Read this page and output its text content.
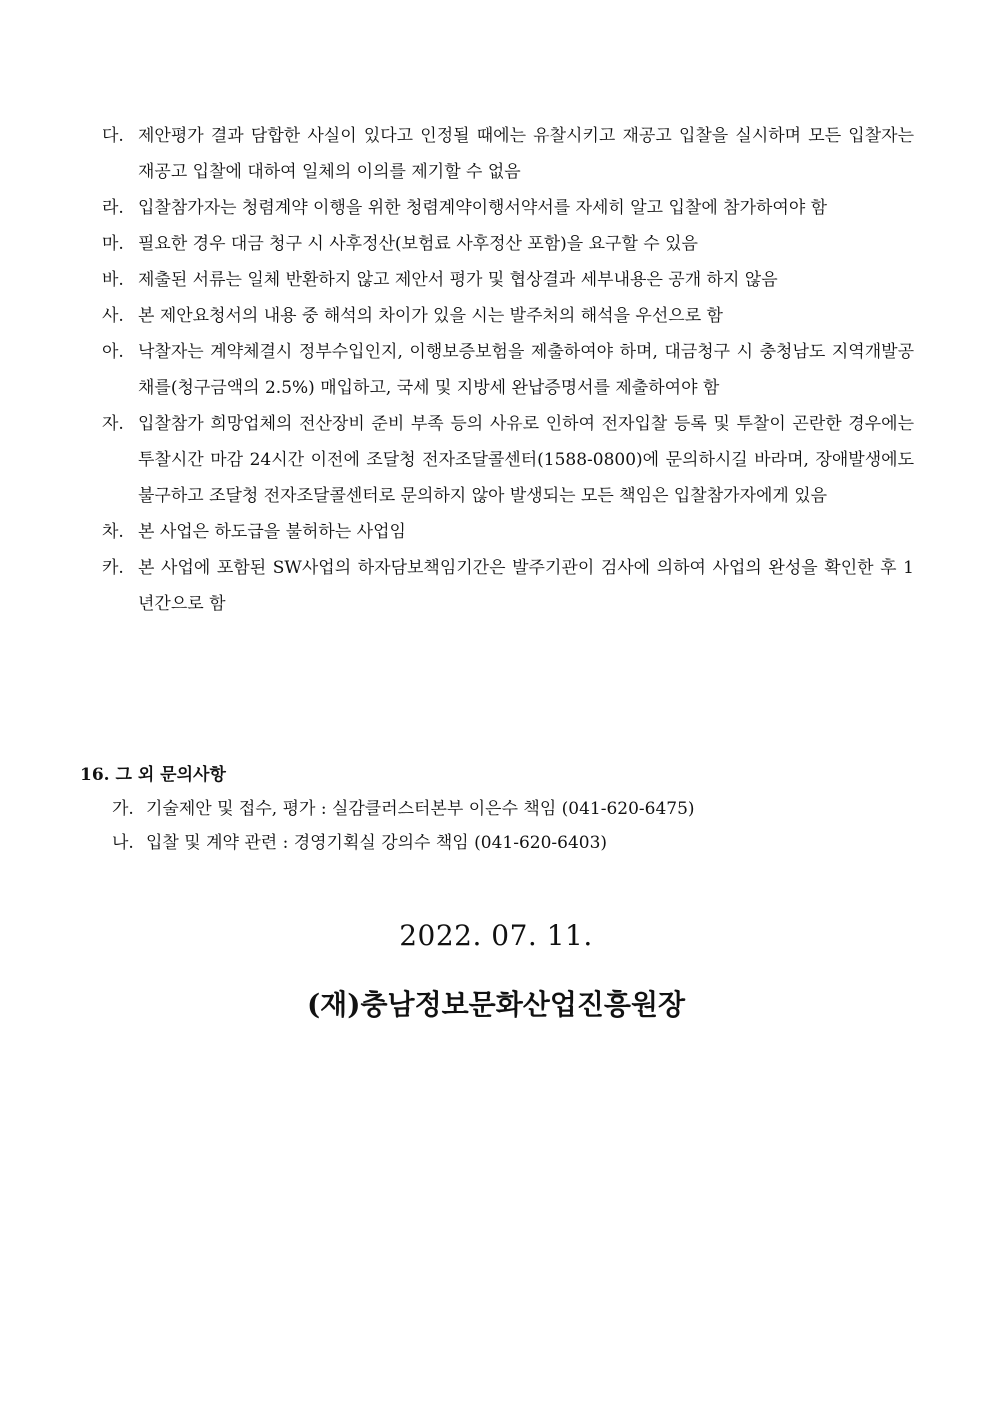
다. 제안평가 결과 담합한 사실이 있다고 인정될 때에는 유찰시키고 재공고 입찰을 실시하며 모든 입찰자는 재공고 입찰에 대하여 일체의 이의를 제기할 수 없음
라. 입찰참가자는 청렴계약 이행을 위한 청렴계약이행서약서를 자세히 알고 입찰에 참가하여야 함
마. 필요한 경우 대금 청구 시 사후정산(보험료 사후정산 포함)을 요구할 수 있음
바. 제출된 서류는 일체 반환하지 않고 제안서 평가 및 협상결과 세부내용은 공개 하지 않음
사. 본 제안요청서의 내용 중 해석의 차이가 있을 시는 발주처의 해석을 우선으로 함
아. 낙찰자는 계약체결시 정부수입인지, 이행보증보험을 제출하여야 하며, 대금청구 시 충청남도 지역개발공채를(청구금액의 2.5%) 매입하고, 국세 및 지방세 완납증명서를 제출하여야 함
자. 입찰참가 희망업체의 전산장비 준비 부족 등의 사유로 인하여 전자입찰 등록 및 투찰이 곤란한 경우에는 투찰시간 마감 24시간 이전에 조달청 전자조달콜센터(1588-0800)에 문의하시길 바라며, 장애발생에도 불구하고 조달청 전자조달콜센터로 문의하지 않아 발생되는 모든 책임은 입찰참가자에게 있음
차. 본 사업은 하도급을 불허하는 사업임
카. 본 사업에 포함된 SW사업의 하자담보책임기간은 발주기관이 검사에 의하여 사업의 완성을 확인한 후 1년간으로 함
16. 그 외 문의사항
가. 기술제안 및 접수, 평가 : 실감클러스터본부 이은수 책임 (041-620-6475)
나. 입찰 및 계약 관련 : 경영기획실 강의수 책임 (041-620-6403)
2022. 07. 11.
(재)충남정보문화산업진흥원장
